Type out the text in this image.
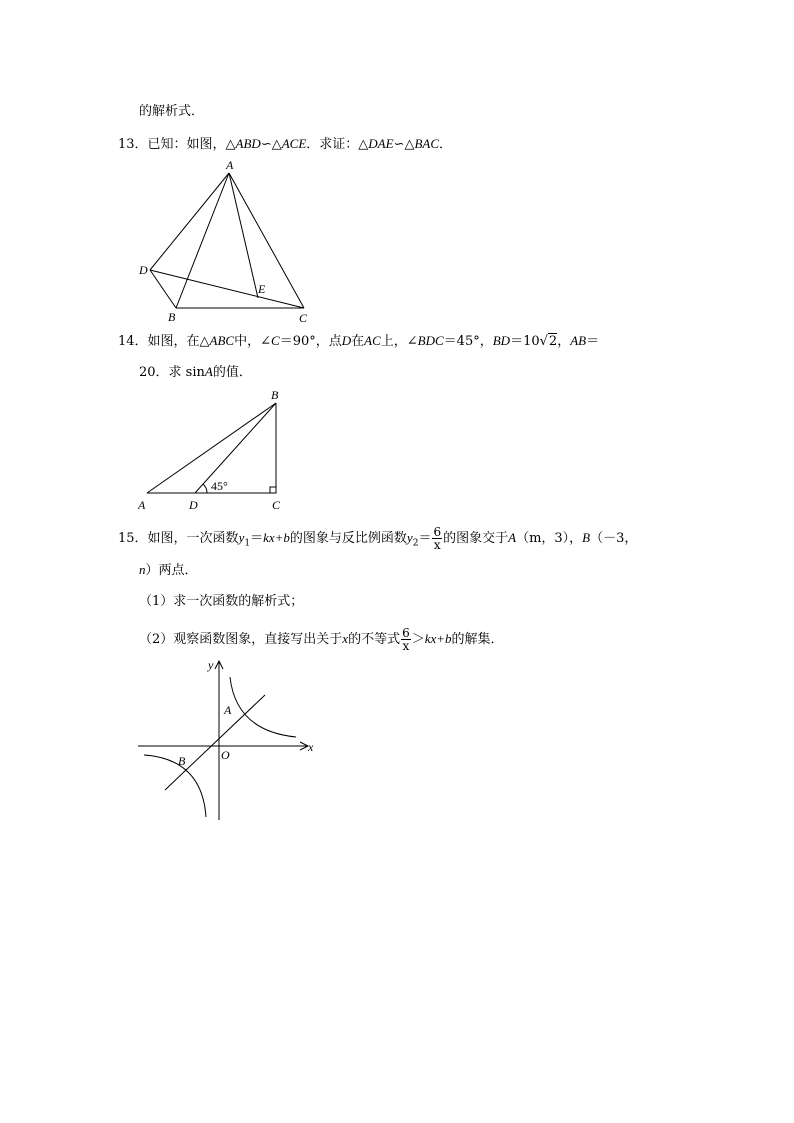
的解析式．
13．已知：如图，△ABD∽△ACE．求证：△DAE∽△BAC．
A
D
B	C
E
14．如图，在△ABC中，∠C＝90°，点D在AC上，∠BDC＝45°，BD＝10√2，AB＝
20．求 sinA的值．
B
A	D	C
45°
15．如图，一次函数$y_1=kx+b$的图象与反比例函数$y_2= \frac{6}{x}$ 的图象交于A（m，3），B（－3，
n）两点．
（1）求一次函数的解析式；
（2）观察函数图象，直接写出关于x的不等式 $\frac{6}{x} >kx+b$的解集．
y
x
O
A
B
